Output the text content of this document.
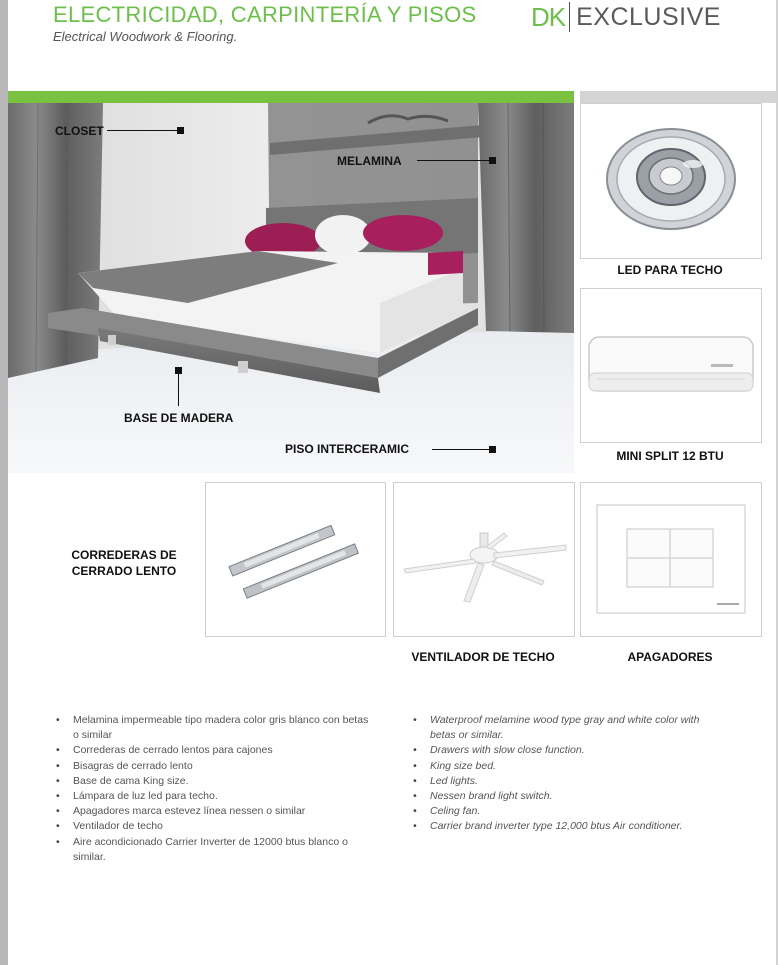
ELECTRICIDAD, CARPINTERÍA Y PISOS
Electrical Woodwork & Flooring.
DK EXCLUSIVE
CLOSET
MELAMINA
BASE DE MADERA
PISO INTERCERAMIC
LED PARA TECHO
MINI SPLIT 12 BTU
CORREDERAS DE
CERRADO LENTO
VENTILADOR DE TECHO	APAGADORES
• Melamina impermeable tipo madera color gris blanco con betas o similar
• Correderas de cerrado lentos para cajones
• Bisagras de cerrado lento
• Base de cama King size.
• Lámpara de luz led para techo.
• Apagadores marca estevez línea nessen o similar
• Ventilador de techo
• Aire acondicionado Carrier Inverter de 12000 btus blanco o similar.
• Waterproof melamine wood type gray and white color with betas or similar.
• Drawers with slow close function.
• King size bed.
• Led lights.
• Nessen brand light switch.
• Celing fan.
• Carrier brand inverter type 12,000 btus Air conditioner.
